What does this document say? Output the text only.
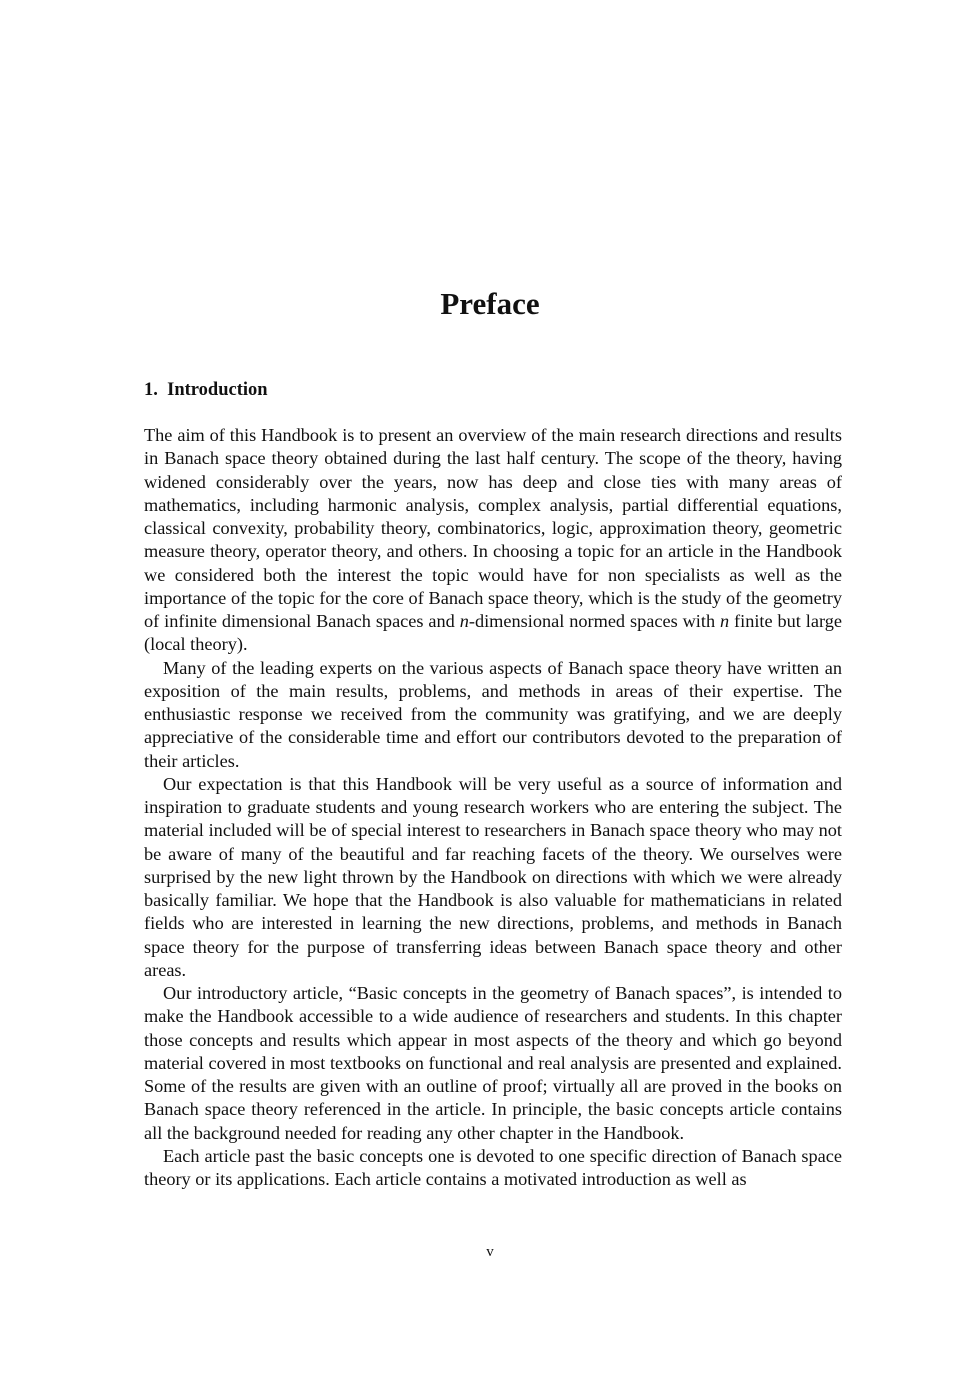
Preface
1. Introduction

The aim of this Handbook is to present an overview of the main research directions and results in Banach space theory obtained during the last half century. The scope of the theory, having widened considerably over the years, now has deep and close ties with many areas of mathematics, including harmonic analysis, complex analysis, partial differential equations, classical convexity, probability theory, combinatorics, logic, approximation theory, geometric measure theory, operator theory, and others. In choosing a topic for an article in the Handbook we considered both the interest the topic would have for non specialists as well as the importance of the topic for the core of Banach space theory, which is the study of the geometry of infinite dimensional Banach spaces and n-dimensional normed spaces with n finite but large (local theory).

Many of the leading experts on the various aspects of Banach space theory have written an exposition of the main results, problems, and methods in areas of their expertise. The enthusiastic response we received from the community was gratifying, and we are deeply appreciative of the considerable time and effort our contributors devoted to the preparation of their articles.

Our expectation is that this Handbook will be very useful as a source of information and inspiration to graduate students and young research workers who are entering the subject. The material included will be of special interest to researchers in Banach space theory who may not be aware of many of the beautiful and far reaching facets of the theory. We ourselves were surprised by the new light thrown by the Handbook on directions with which we were already basically familiar. We hope that the Handbook is also valuable for mathematicians in related fields who are interested in learning the new directions, problems, and methods in Banach space theory for the purpose of transferring ideas between Banach space theory and other areas.

Our introductory article, “Basic concepts in the geometry of Banach spaces”, is intended to make the Handbook accessible to a wide audience of researchers and students. In this chapter those concepts and results which appear in most aspects of the theory and which go beyond material covered in most textbooks on functional and real analysis are presented and explained. Some of the results are given with an outline of proof; virtually all are proved in the books on Banach space theory referenced in the article. In principle, the basic concepts article contains all the background needed for reading any other chapter in the Handbook.

Each article past the basic concepts one is devoted to one specific direction of Banach space theory or its applications. Each article contains a motivated introduction as well as

v
